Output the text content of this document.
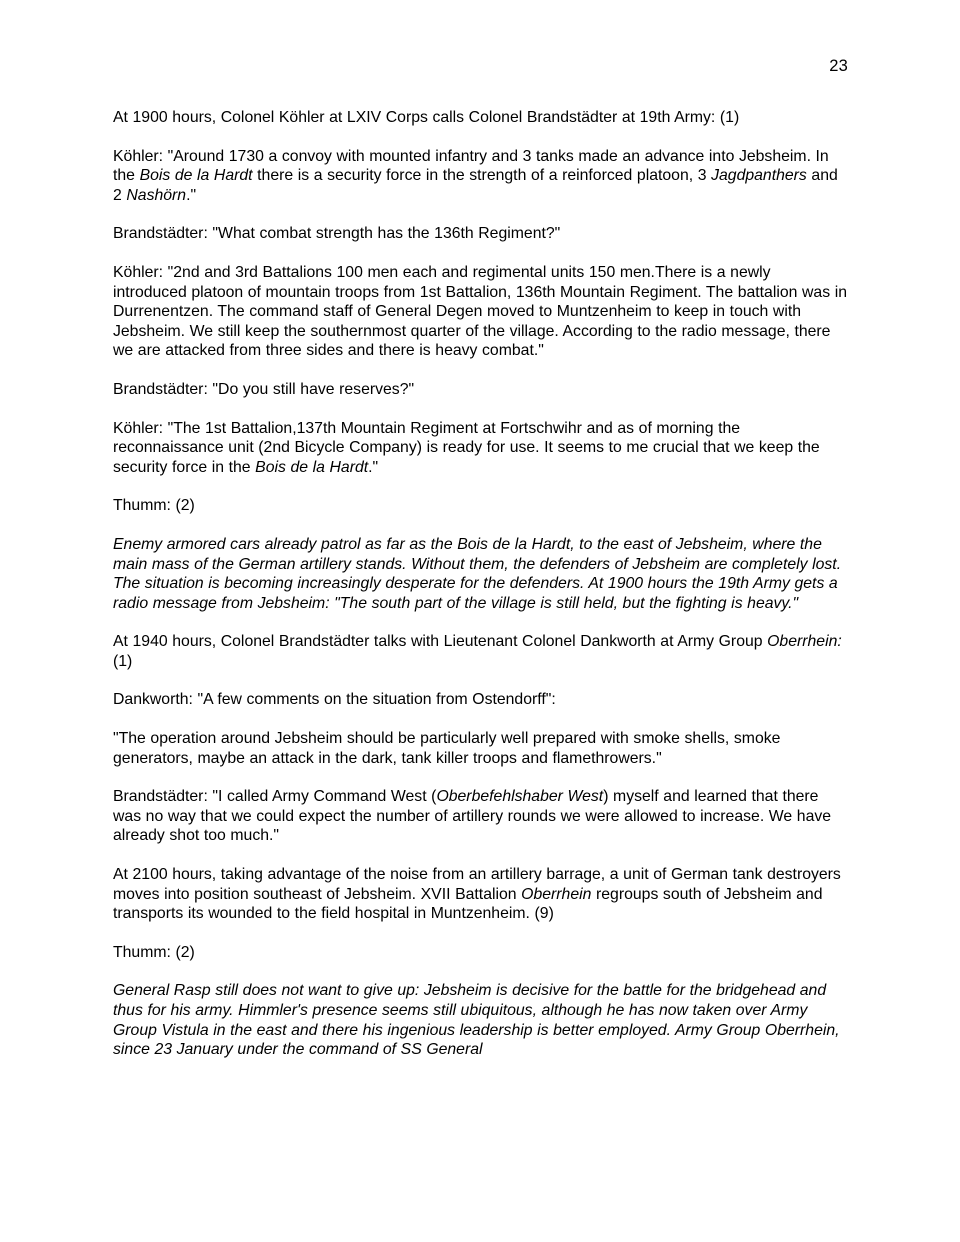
23

At 1900 hours, Colonel Köhler at LXIV Corps calls Colonel Brandstädter at 19th Army: (1)

Köhler: "Around 1730 a convoy with mounted infantry and 3 tanks made an advance into Jebsheim. In the Bois de la Hardt there is a security force in the strength of a reinforced platoon, 3 Jagdpanthers and 2 Nashörn."

Brandstädter: "What combat strength has the 136th Regiment?"

Köhler: "2nd and 3rd Battalions 100 men each and regimental units 150 men.There is a newly introduced platoon of mountain troops from 1st Battalion, 136th Mountain Regiment. The battalion was in Durrenentzen. The command staff of General Degen moved to Muntzenheim to keep in touch with Jebsheim. We still keep the southernmost quarter of the village. According to the radio message, there we are attacked from three sides and there is heavy combat."

Brandstädter: "Do you still have reserves?"

Köhler: "The 1st Battalion,137th Mountain Regiment at Fortschwihr and as of morning the reconnaissance unit (2nd Bicycle Company) is ready for use. It seems to me crucial that we keep the security force in the Bois de la Hardt."

Thumm: (2)

Enemy armored cars already patrol as far as the Bois de la Hardt, to the east of Jebsheim, where the main mass of the German artillery stands. Without them, the defenders of Jebsheim are completely lost. The situation is becoming increasingly desperate for the defenders. At 1900 hours the 19th Army gets a radio message from Jebsheim: "The south part of the village is still held, but the fighting is heavy."

At 1940 hours, Colonel Brandstädter talks with Lieutenant Colonel Dankworth at Army Group Oberrhein: (1)

Dankworth: "A few comments on the situation from Ostendorff":

"The operation around Jebsheim should be particularly well prepared with smoke shells, smoke generators, maybe an attack in the dark, tank killer troops and flamethrowers."

Brandstädter: "I called Army Command West (Oberbefehlshaber West) myself and learned that there was no way that we could expect the number of artillery rounds we were allowed to increase. We have already shot too much."

At 2100 hours, taking advantage of the noise from an artillery barrage, a unit of German tank destroyers moves into position southeast of Jebsheim. XVII Battalion Oberrhein regroups south of Jebsheim and transports its wounded to the field hospital in Muntzenheim. (9)

Thumm: (2)

General Rasp still does not want to give up: Jebsheim is decisive for the battle for the bridgehead and thus for his army. Himmler's presence seems still ubiquitous, although he has now taken over Army Group Vistula in the east and there his ingenious leadership is better employed. Army Group Oberrhein, since 23 January under the command of SS General
